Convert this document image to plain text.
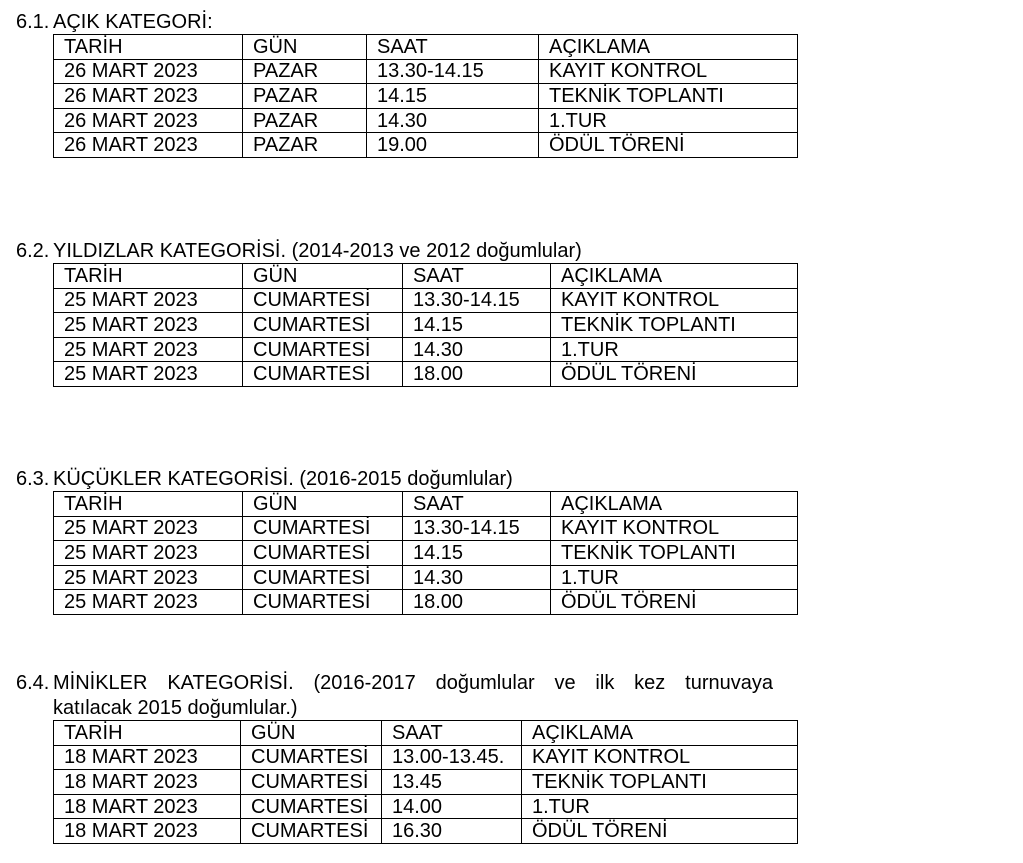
6.1. AÇIK KATEGORİ:
TARİH	GÜN	SAAT	AÇIKLAMA
26 MART 2023	PAZAR	13.30-14.15	KAYIT KONTROL
26 MART 2023	PAZAR	14.15	TEKNİK TOPLANTI
26 MART 2023	PAZAR	14.30	1.TUR
26 MART 2023	PAZAR	19.00	ÖDÜL TÖRENİ
6.2. YILDIZLAR KATEGORİSİ. (2014-2013 ve 2012 doğumlular)
TARİH	GÜN	SAAT	AÇIKLAMA
25 MART 2023	CUMARTESİ	13.30-14.15	KAYIT KONTROL
25 MART 2023	CUMARTESİ	14.15	TEKNİK TOPLANTI
25 MART 2023	CUMARTESİ	14.30	1.TUR
25 MART 2023	CUMARTESİ	18.00	ÖDÜL TÖRENİ
6.3. KÜÇÜKLER KATEGORİSİ. (2016-2015 doğumlular)
TARİH	GÜN	SAAT	AÇIKLAMA
25 MART 2023	CUMARTESİ	13.30-14.15	KAYIT KONTROL
25 MART 2023	CUMARTESİ	14.15	TEKNİK TOPLANTI
25 MART 2023	CUMARTESİ	14.30	1.TUR
25 MART 2023	CUMARTESİ	18.00	ÖDÜL TÖRENİ
6.4. MİNİKLER KATEGORİSİ. (2016-2017 doğumlular ve ilk kez turnuvaya
katılacak 2015 doğumlular.)
TARİH	GÜN	SAAT	AÇIKLAMA
18 MART 2023	CUMARTESİ	13.00-13.45.	KAYIT KONTROL
18 MART 2023	CUMARTESİ	13.45	TEKNİK TOPLANTI
18 MART 2023	CUMARTESİ	14.00	1.TUR
18 MART 2023	CUMARTESİ	16.30	ÖDÜL TÖRENİ
